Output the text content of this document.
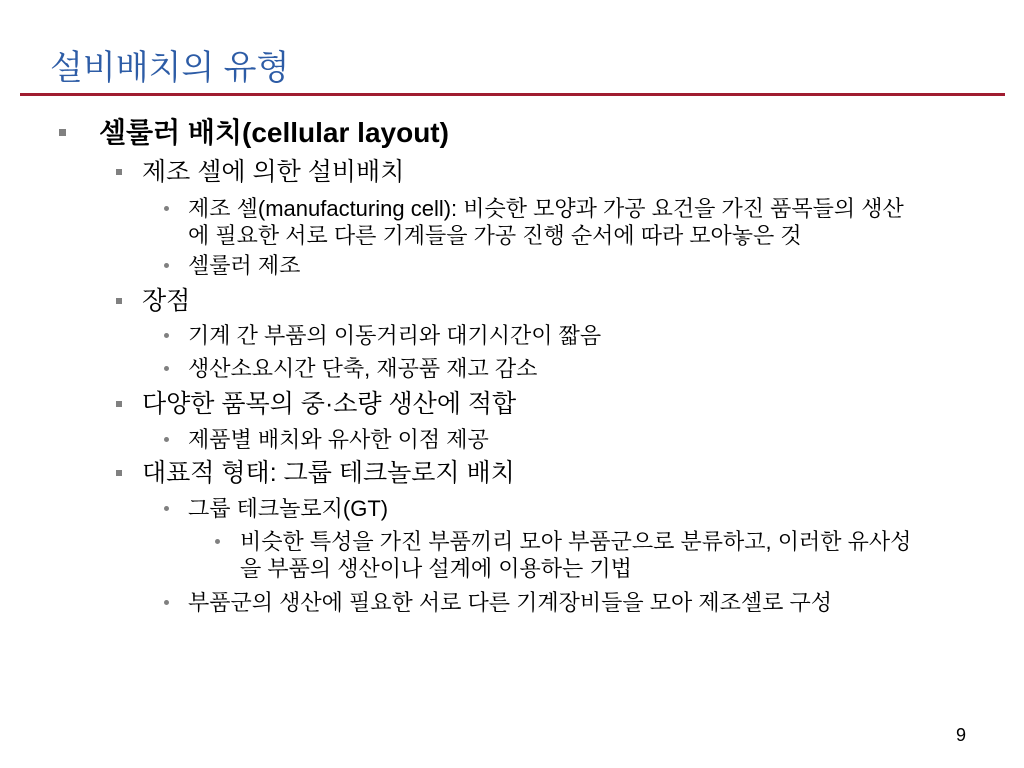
설비배치의 유형
셀룰러 배치(cellular layout)
제조 셀에 의한 설비배치
제조 셀(manufacturing cell): 비슷한 모양과 가공 요건을 가진 품목들의 생산
에 필요한 서로 다른 기계들을 가공 진행 순서에 따라 모아놓은 것
셀룰러 제조
장점
기계 간 부품의 이동거리와 대기시간이 짧음
생산소요시간 단축, 재공품 재고 감소
다양한 품목의 중·소량 생산에 적합
제품별 배치와 유사한 이점 제공
대표적 형태: 그룹 테크놀로지 배치
그룹 테크놀로지(GT)
비슷한 특성을 가진 부품끼리 모아 부품군으로 분류하고, 이러한 유사성
을 부품의 생산이나 설계에 이용하는 기법
부품군의 생산에 필요한 서로 다른 기계장비들을 모아 제조셀로 구성
9
